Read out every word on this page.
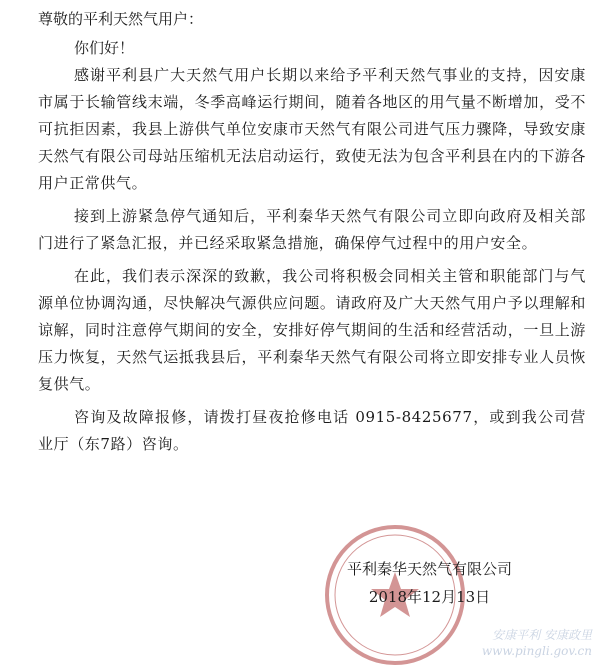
尊敬的平利天然气用户：

你们好！

感谢平利县广大天然气用户长期以来给予平利天然气事业的支持，因安康市属于长输管线末端，冬季高峰运行期间，随着各地区的用气量不断增加，受不可抗拒因素，我县上游供气单位安康市天然气有限公司进气压力骤降，导致安康天然气有限公司母站压缩机无法启动运行，致使无法为包含平利县在内的下游各用户正常供气。

接到上游紧急停气通知后，平利秦华天然气有限公司立即向政府及相关部门进行了紧急汇报，并已经采取紧急措施，确保停气过程中的用户安全。

在此，我们表示深深的致歉，我公司将积极会同相关主管和职能部门与气源单位协调沟通，尽快解决气源供应问题。请政府及广大天然气用户予以理解和谅解，同时注意停气期间的安全，安排好停气期间的生活和经营活动，一旦上游压力恢复，天然气运抵我县后，平利秦华天然气有限公司将立即安排专业人员恢复供气。

咨询及故障报修，请拨打昼夜抢修电话 0915-8425677，或到我公司营业厅（东7路）咨询。

平利秦华天然气有限公司
2018年12月13日
安康平利 安康政里
www.pingli.gov.cn
